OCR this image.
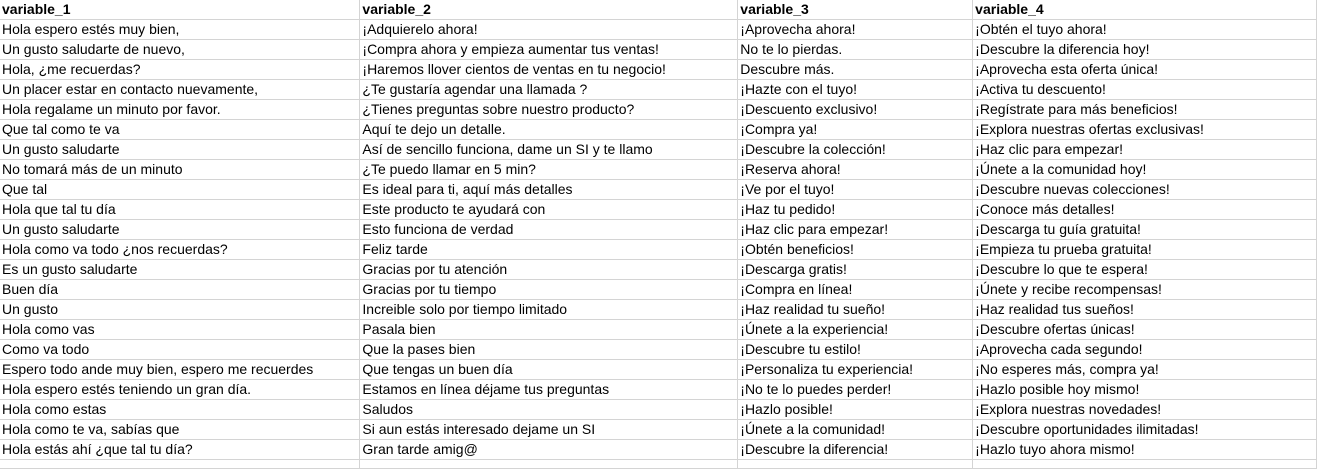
variable_1	variable_2	variable_3	variable_4
Hola espero estés muy bien,	¡Adquierelo ahora!	¡Aprovecha ahora!	¡Obtén el tuyo ahora!
Un gusto saludarte de nuevo,	¡Compra ahora y empieza aumentar tus ventas!	No te lo pierdas.	¡Descubre la diferencia hoy!
Hola, ¿me recuerdas?	¡Haremos llover cientos de ventas en tu negocio!	Descubre más.	¡Aprovecha esta oferta única!
Un placer estar en contacto nuevamente,	¿Te gustaría agendar una llamada ?	¡Hazte con el tuyo!	¡Activa tu descuento!
Hola regalame un minuto por favor.	¿Tienes preguntas sobre nuestro producto?	¡Descuento exclusivo!	¡Regístrate para más beneficios!
Que tal como te va	Aquí te dejo un detalle.	¡Compra ya!	¡Explora nuestras ofertas exclusivas!
Un gusto saludarte	Así de sencillo funciona, dame un SI y te llamo	¡Descubre la colección!	¡Haz clic para empezar!
No tomará más de un minuto	¿Te puedo llamar en 5 min?	¡Reserva ahora!	¡Únete a la comunidad hoy!
Que tal	Es ideal para ti, aquí más detalles	¡Ve por el tuyo!	¡Descubre nuevas colecciones!
Hola que tal tu día	Este producto te ayudará con	¡Haz tu pedido!	¡Conoce más detalles!
Un gusto saludarte	Esto funciona de verdad	¡Haz clic para empezar!	¡Descarga tu guía gratuita!
Hola como va todo ¿nos recuerdas?	Feliz tarde	¡Obtén beneficios!	¡Empieza tu prueba gratuita!
Es un gusto saludarte	Gracias por tu atención	¡Descarga gratis!	¡Descubre lo que te espera!
Buen día	Gracias por tu tiempo	¡Compra en línea!	¡Únete y recibe recompensas!
Un gusto	Increible solo por tiempo limitado	¡Haz realidad tu sueño!	¡Haz realidad tus sueños!
Hola como vas	Pasala bien	¡Únete a la experiencia!	¡Descubre ofertas únicas!
Como va todo	Que la pases bien	¡Descubre tu estilo!	¡Aprovecha cada segundo!
Espero todo ande muy bien, espero me recuerdes	Que tengas un buen día	¡Personaliza tu experiencia!	¡No esperes más, compra ya!
Hola espero estés teniendo un gran día.	Estamos en línea déjame tus preguntas	¡No te lo puedes perder!	¡Hazlo posible hoy mismo!
Hola como estas	Saludos	¡Hazlo posible!	¡Explora nuestras novedades!
Hola como te va, sabías que	Si aun estás interesado dejame un SI	¡Únete a la comunidad!	¡Descubre oportunidades ilimitadas!
Hola estás ahí ¿que tal tu día?	Gran tarde amig@	¡Descubre la diferencia!	¡Hazlo tuyo ahora mismo!
